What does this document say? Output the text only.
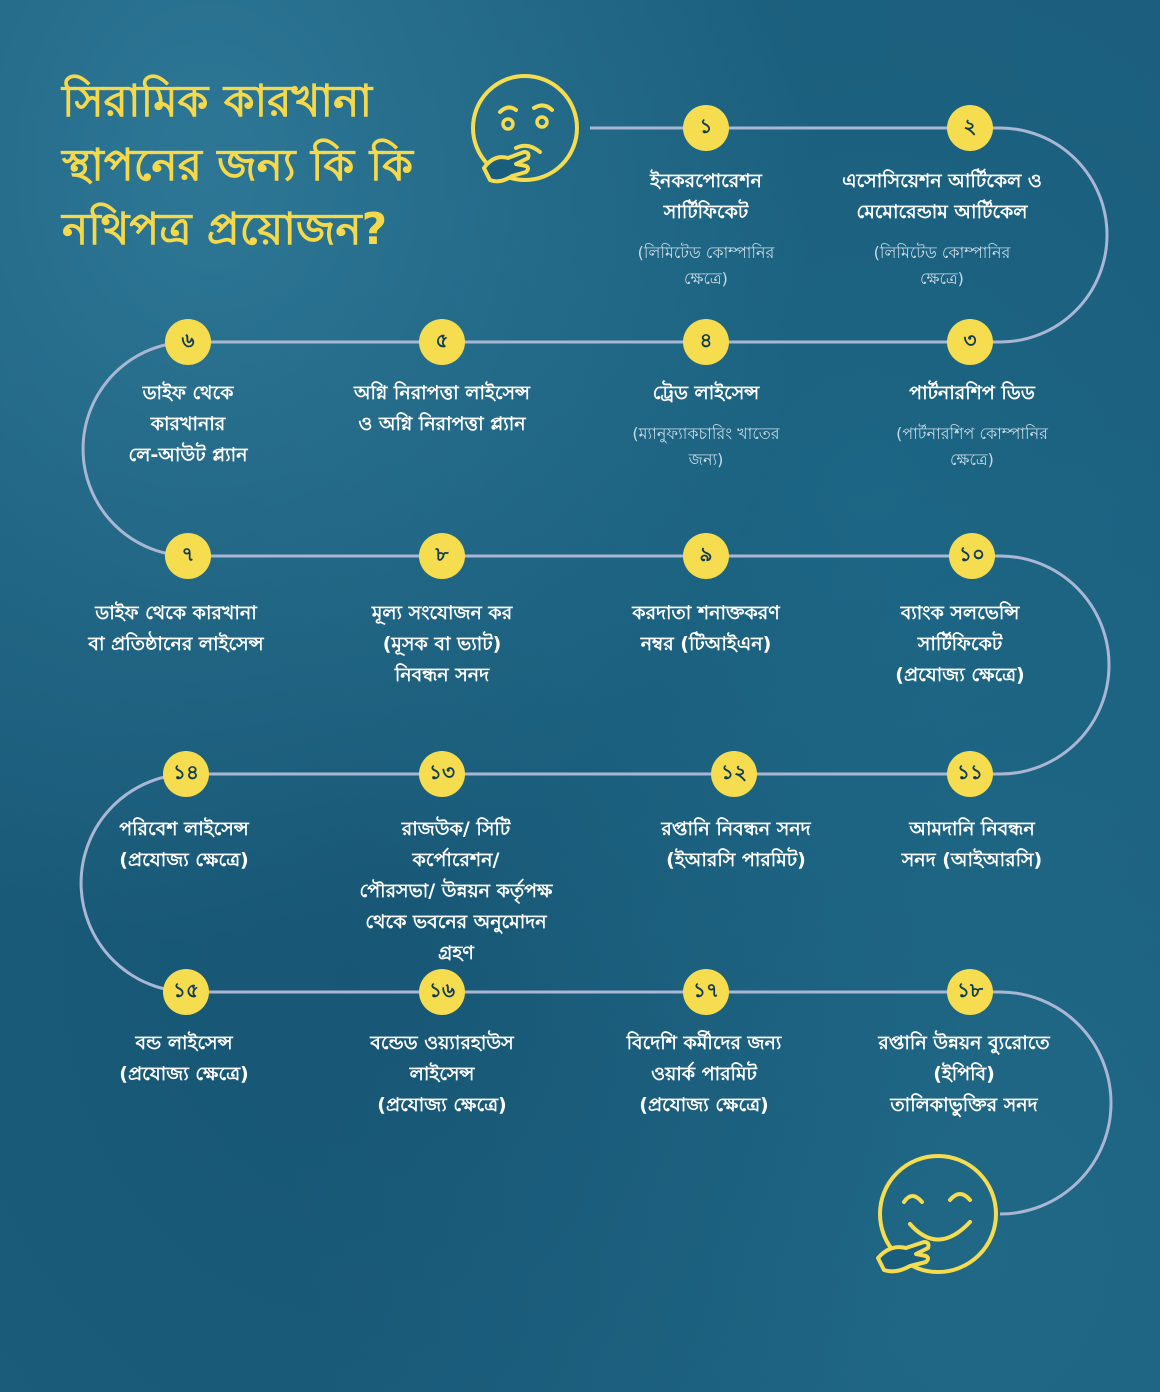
সিরামিক কারখানা
স্থাপনের জন্য কি কি
নথিপত্র প্রয়োজন?
১
ইনকরপোরেশন
সার্টিফিকেট
(লিমিটেড কোম্পানির
ক্ষেত্রে)
২
এসোসিয়েশন আর্টিকেল ও
মেমোরেন্ডাম আর্টিকেল
(লিমিটেড কোম্পানির
ক্ষেত্রে)
৩
পার্টনারশিপ ডিড
(পার্টনারশিপ কোম্পানির
ক্ষেত্রে)
৪
ট্রেড লাইসেন্স
(ম্যানুফ্যাকচারিং খাতের
জন্য)
৫
অগ্নি নিরাপত্তা লাইসেন্স
ও অগ্নি নিরাপত্তা প্ল্যান
৬
ডাইফ থেকে
কারখানার
লে-আউট প্ল্যান
৭
ডাইফ থেকে কারখানা
বা প্রতিষ্ঠানের লাইসেন্স
৮
মূল্য সংযোজন কর
(মূসক বা ভ্যাট)
নিবন্ধন সনদ
৯
করদাতা শনাক্তকরণ
নম্বর (টিআইএন)
১০
ব্যাংক সলভেন্সি
সার্টিফিকেট
(প্রযোজ্য ক্ষেত্রে)
১১
আমদানি নিবন্ধন
সনদ (আইআরসি)
১২
রপ্তানি নিবন্ধন সনদ
(ইআরসি পারমিট)
১৩
রাজউক/ সিটি
কর্পোরেশন/
পৌরসভা/ উন্নয়ন কর্তৃপক্ষ
থেকে ভবনের অনুমোদন
গ্রহণ
১৪
পরিবেশ লাইসেন্স
(প্রযোজ্য ক্ষেত্রে)
১৫
বন্ড লাইসেন্স
(প্রযোজ্য ক্ষেত্রে)
১৬
বন্ডেড ওয়্যারহাউস
লাইসেন্স
(প্রযোজ্য ক্ষেত্রে)
১৭
বিদেশি কর্মীদের জন্য
ওয়ার্ক পারমিট
(প্রযোজ্য ক্ষেত্রে)
১৮
রপ্তানি উন্নয়ন ব্যুরোতে
(ইপিবি)
তালিকাভুক্তির সনদ
